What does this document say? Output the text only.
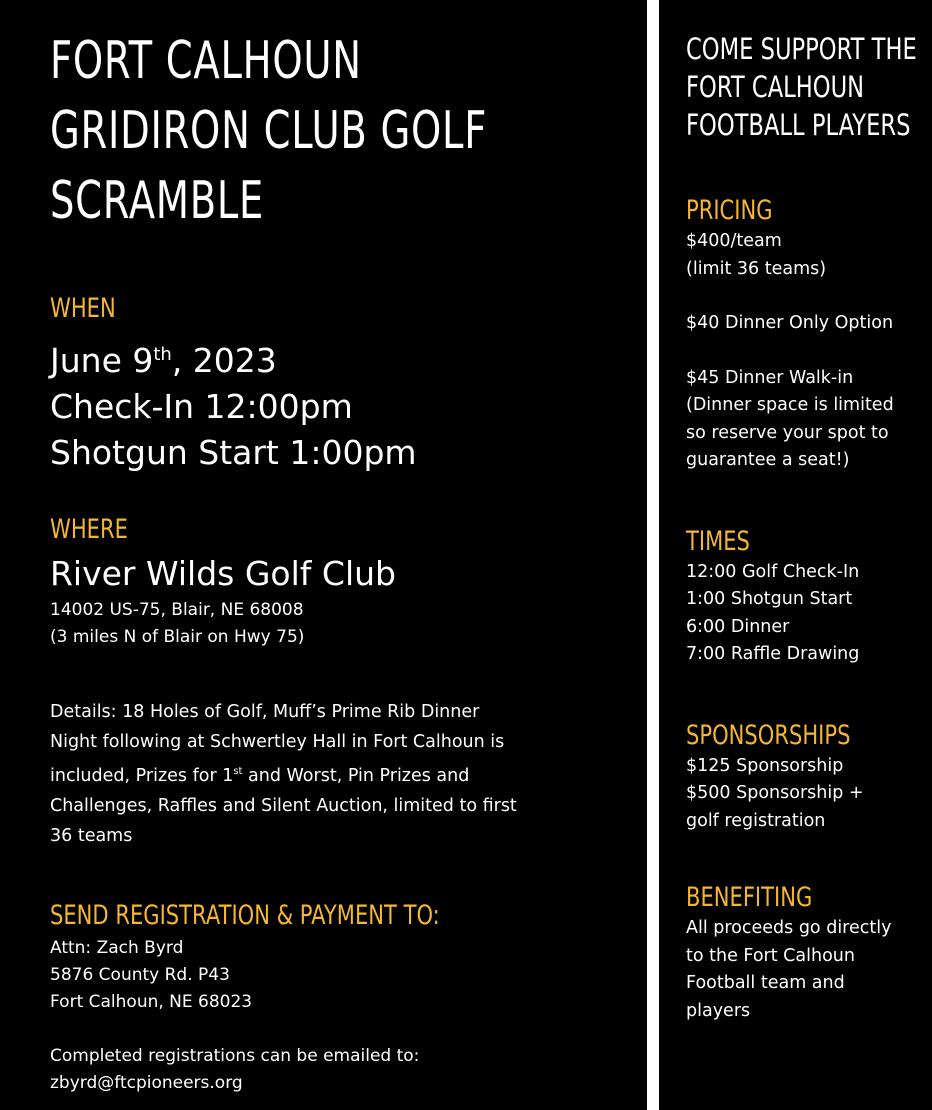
FORT CALHOUN
GRIDIRON CLUB GOLF
SCRAMBLE
WHEN

June 9th, 2023

Check-In 12:00pm

Shotgun Start 1:00pm

WHERE

River Wilds Golf Club

14002 US-75, Blair, NE 68008

(3 miles N of Blair on Hwy 75)

Details: 18 Holes of Golf, Muff’s Prime Rib Dinner

Night following at Schwertley Hall in Fort Calhoun is

included, Prizes for 1st and Worst, Pin Prizes and

Challenges, Raffles and Silent Auction, limited to first

36 teams

SEND REGISTRATION & PAYMENT TO:

Attn: Zach Byrd

5876 County Rd. P43

Fort Calhoun, NE 68023

Completed registrations can be emailed to:

zbyrd@ftcpioneers.org

COME SUPPORT THE
FORT CALHOUN
FOOTBALL PLAYERS
PRICING

$400/team

(limit 36 teams)

$40 Dinner Only Option

$45 Dinner Walk-in

(Dinner space is limited

so reserve your spot to

guarantee a seat!)

TIMES

12:00 Golf Check-In

1:00 Shotgun Start

6:00 Dinner

7:00 Raffle Drawing

SPONSORSHIPS

$125 Sponsorship

$500 Sponsorship +

golf registration

BENEFITING

All proceeds go directly

to the Fort Calhoun

Football team and

players
